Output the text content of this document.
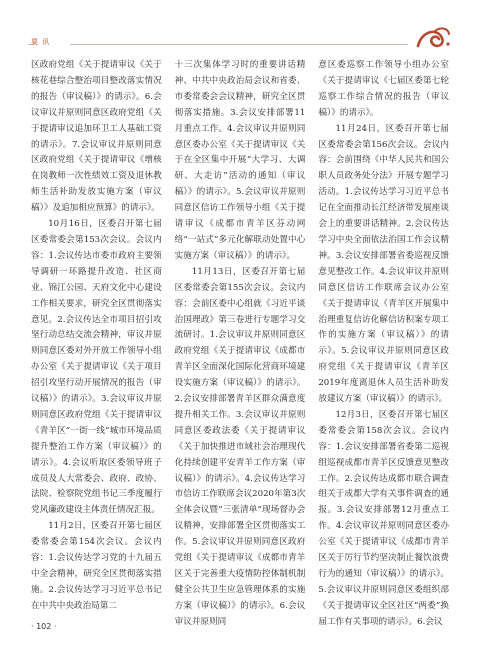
要 讯

区政府党组《关于提请审议《关于核花巷综合整治项目整改落实情况的报告（审议稿）》的请示》。6.会议审议并原则同意区政府党组《关于提请审议追加环卫工人基础工资的请示》。7.会议审议并原则同意区政府党组《关于提请审议《增核在岗教师一次性绩效工资及退休教师生活补助发放实施方案（审议稿）》及追加相应预算》的请示》。

10月16日，区委召开第七届区委常委会第153次会议。会议内容：1.会议传达市委市政府主要领导调研一环路提升改造、社区商业、锦江公园、天府文化中心建设工作相关要求，研究全区贯彻落实意见。2.会议传达全市项目招引攻坚行动总结交流会精神，审议并原则同意区委对外开放工作领导小组办公室《关于提请审议《关于项目招引攻坚行动开展情况的报告（审议稿）》的请示》。3.会议审议并原则同意区政府党组《关于提请审议《青羊区“一街一线”城市环境品质提升整治工作方案（审议稿）》的请示》。4.会议听取区委领导班子成员及人大常委会、政府、政协、法院、检察院党组书记三季度履行党风廉政建设主体责任情况汇报。

11月2日，区委召开第七届区委常委会第154次会议。会议内容：1.会议传达学习党的十九届五中全会精神，研究全区贯彻落实措施。2.会议传达学习习近平总书记在中共中央政治局第二

十三次集体学习时的重要讲话精神、中共中央政治局会议和省委、市委常委会会议精神，研究全区贯彻落实措施。3.会议安排部署11月重点工作。4.会议审议并原则同意区委办公室《关于提请审议《关于在全区集中开展“大学习、大调研、大走访”活动的通知（审议稿）》的请示》。5.会议审议并原则同意区信访工作领导小组《关于提请审议《成都市青羊区芬动网络“一站式”多元化解联动处置中心实施方案（审议稿）》的请示》。

11月13日，区委召开第七届区委常委会第155次会议。会议内容：会前区委中心组就《习近平谈治国理政》第三卷进行专题学习交流研讨。1.会议审议并原则同意区政府党组《关于提请审议《成都市青羊区全面深化国际化营商环境建设实施方案（审议稿）》的请示》。2.会议安排部署青羊区群众满意度提升相关工作。3.会议审议并原则同意区委政法委《关于提请审议《关于加快推进市域社会治理现代化持续创建平安青羊工作方案（审议稿）》的请示》。4.会议传达学习市信访工作联席会议2020年第3次全体会议暨“三张清单”现场督办会议精神，安排部署全区贯彻落实工作。5.会议审议并原则同意区政府党组《关于提请审议《成都市青羊区关于完善重大疫情防控体制机制健全公共卫生应急管理体系的实施方案（审议稿）》的请示》。6.会议审议并原则同

意区委巡察工作领导小组办公室《关于提请审议《七届区委第七轮巡察工作综合情况的报告（审议稿）》的请示》。

11月24日，区委召开第七届区委常委会第156次会议。会议内容：会前围绕《中华人民共和国公职人员政务处分法》开展专题学习活动。1.会议传达学习习近平总书记在全面推动长江经济带发展座谈会上的重要讲话精神。2.会议传达学习中央全面依法治国工作会议精神。3.会议安排部署省委巡视反馈意见整改工作。4.会议审议并原则同意区信访工作联席会议办公室《关于提请审议《青羊区开展集中治理重复信访化解信访积案专项工作的实施方案（审议稿）》的请示》。5.会议审议并原则同意区政府党组《关于提请审议《青羊区2019年度离退休人员生活补助发放建议方案（审议稿）》的请示》。

12月3日，区委召开第七届区委常委会第158次会议。会议内容：1.会议安排部署省委第二巡视组巡视成都市青羊区反馈意见整改工作。2.会议传达成都市联合调查组关于成都大学有关事件调查的通报。3.会议安排部署12月重点工作。4.会议审议并原则同意区委办公室《关于提请审议《成都市青羊区关于厉行节约坚决制止餐饮浪费行为的通知（审议稿）》的请示》。5.会议审议并原则同意区委组织部《关于提请审议全区社区“两委”换届工作有关事项的请示》。6.会议

· 102 ·
